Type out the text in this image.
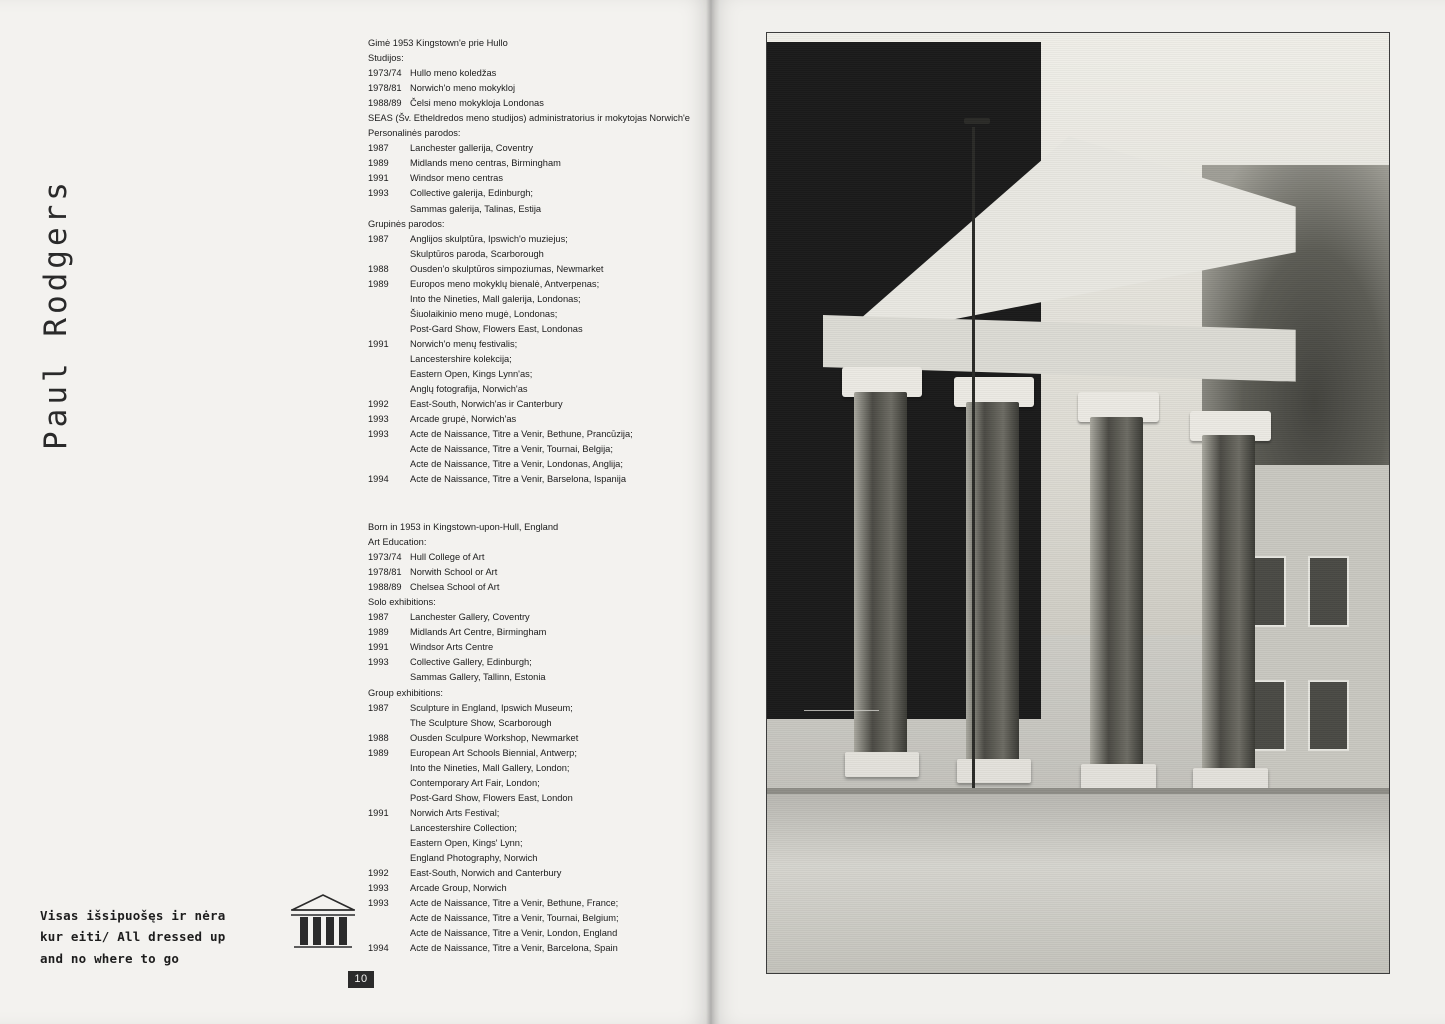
Paul Rodgers
Visas išsipuošęs ir nėra kur eiti/ All dressed up and no where to go
10
Gimė 1953 Kingstown'e prie Hullo
Studijos:
1973/74 Hullo meno koledžas
1978/81 Norwich'o meno mokykloj
1988/89 Čelsi meno mokykloja Londonas
SEAS (Šv. Etheldredos meno studijos) administratorius ir mokytojas Norwich'e
Personalinės parodos:
1987	Lanchester gallerija, Coventry
1989	Midlands meno centras, Birmingham
1991	Windsor meno centras
1993	Collective galerija, Edinburgh;
Sammas galerija, Talinas, Estija
Grupinės parodos:
1987	Anglijos skulptūra, Ipswich'o muziejus;
Skulptūros paroda, Scarborough
1988	Ousden'o skulptūros simpoziumas, Newmarket
1989	Europos meno mokyklų bienalė, Antverpenas;
Into the Nineties, Mall galerija, Londonas;
Šiuolaikinio meno mugė, Londonas;
Post-Gard Show, Flowers East, Londonas
1991	Norwich'o menų festivalis;
Lancestershire kolekcija;
Eastern Open, Kings Lynn'as;
Anglų fotografija, Norwich'as
1992	East-South, Norwich'as ir Canterbury
1993	Arcade grupė, Norwich'as
1993	Acte de Naissance, Titre a Venir, Bethune, Prancūzija;
Acte de Naissance, Titre a Venir, Tournai, Belgija;
Acte de Naissance, Titre a Venir, Londonas, Anglija;
1994	Acte de Naissance, Titre a Venir, Barselona, Ispanija
Born in 1953 in Kingstown-upon-Hull, England
Art Education:
1973/74 Hull College of Art
1978/81 Norwith School or Art
1988/89 Chelsea School of Art
Solo exhibitions:
1987	Lanchester Gallery, Coventry
1989	Midlands Art Centre, Birmingham
1991	Windsor Arts Centre
1993	Collective Gallery, Edinburgh;
Sammas Gallery, Tallinn, Estonia
Group exhibitions:
1987	Sculpture in England, Ipswich Museum;
The Sculpture Show, Scarborough
1988	Ousden Sculpure Workshop, Newmarket
1989	European Art Schools Biennial, Antwerp;
Into the Nineties, Mall Gallery, London;
Contemporary Art Fair, London;
Post-Gard Show, Flowers East, London
1991	Norwich Arts Festival;
Lancestershire Collection;
Eastern Open, Kings' Lynn;
England Photography, Norwich
1992	East-South, Norwich and Canterbury
1993	Arcade Group, Norwich
1993	Acte de Naissance, Titre a Venir, Bethune, France;
Acte de Naissance, Titre a Venir, Tournai, Belgium;
Acte de Naissance, Titre a Venir, London, England
1994	Acte de Naissance, Titre a Venir, Barcelona, Spain
